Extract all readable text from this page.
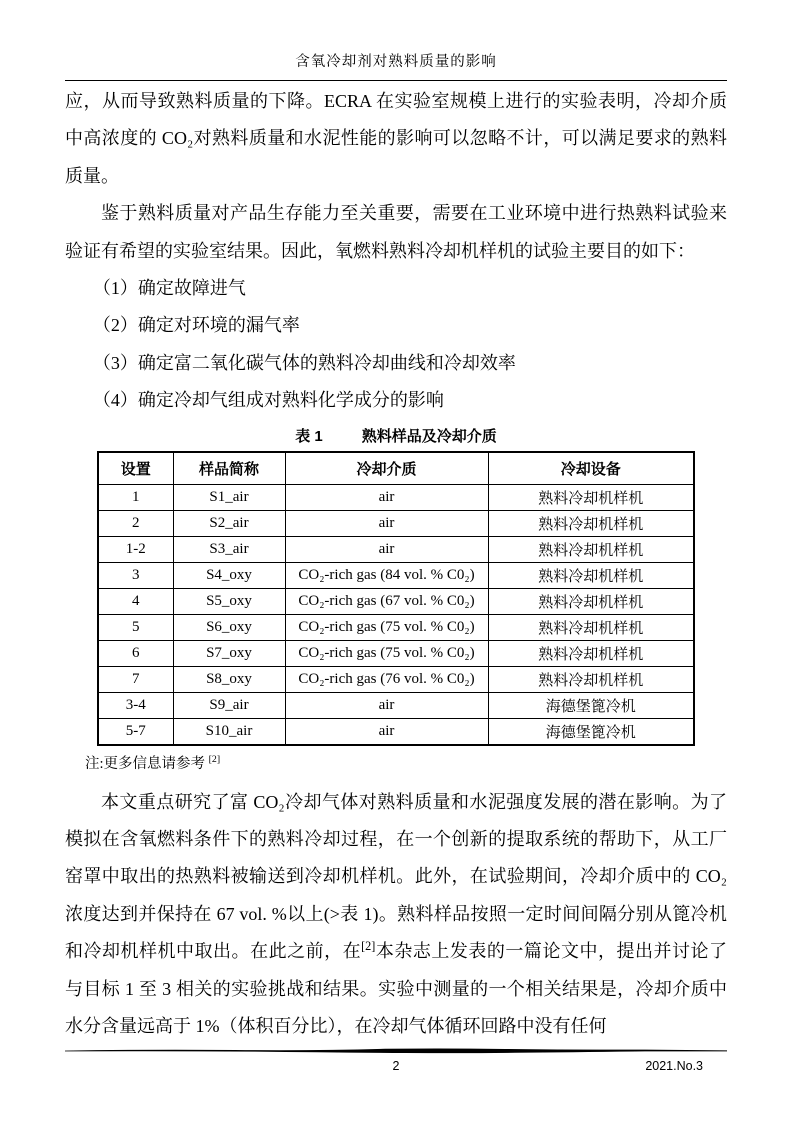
含氧冷却剂对熟料质量的影响

应，从而导致熟料质量的下降。ECRA 在实验室规模上进行的实验表明，冷却介质中高浓度的 CO₂对熟料质量和水泥性能的影响可以忽略不计，可以满足要求的熟料质量。

鉴于熟料质量对产品生存能力至关重要，需要在工业环境中进行热熟料试验来验证有希望的实验室结果。因此，氧燃料熟料冷却机样机的试验主要目的如下：

（1）确定故障进气

（2）确定对环境的漏气率

（3）确定富二氧化碳气体的熟料冷却曲线和冷却效率

（4）确定冷却气组成对熟料化学成分的影响

表 1	熟料样品及冷却介质
设置	样品简称	冷却介质	冷却设备
1	S1_air	air	熟料冷却机样机
2	S2_air	air	熟料冷却机样机
1-2	S3_air	air	熟料冷却机样机
3	S4_oxy	CO₂-rich gas (84 vol. % C0₂)	熟料冷却机样机
4	S5_oxy	CO₂-rich gas (67 vol. % C0₂)	熟料冷却机样机
5	S6_oxy	CO₂-rich gas (75 vol. % C0₂)	熟料冷却机样机
6	S7_oxy	CO₂-rich gas (75 vol. % C0₂)	熟料冷却机样机
7	S8_oxy	CO₂-rich gas (76 vol. % C0₂)	熟料冷却机样机
3-4	S9_air	air	海德堡篦冷机
5-7	S10_air	air	海德堡篦冷机
注:更多信息请参考 [2]

本文重点研究了富 CO₂冷却气体对熟料质量和水泥强度发展的潜在影响。为了模拟在含氧燃料条件下的熟料冷却过程，在一个创新的提取系统的帮助下，从工厂窑罩中取出的热熟料被输送到冷却机样机。此外，在试验期间，冷却介质中的 CO₂浓度达到并保持在 67 vol. %以上(>表 1)。熟料样品按照一定时间间隔分别从篦冷机和冷却机样机中取出。在此之前，在[2]本杂志上发表的一篇论文中，提出并讨论了与目标 1 至 3 相关的实验挑战和结果。实验中测量的一个相关结果是，冷却介质中水分含量远高于 1%（体积百分比），在冷却气体循环回路中没有任何

2	2021.No.3
